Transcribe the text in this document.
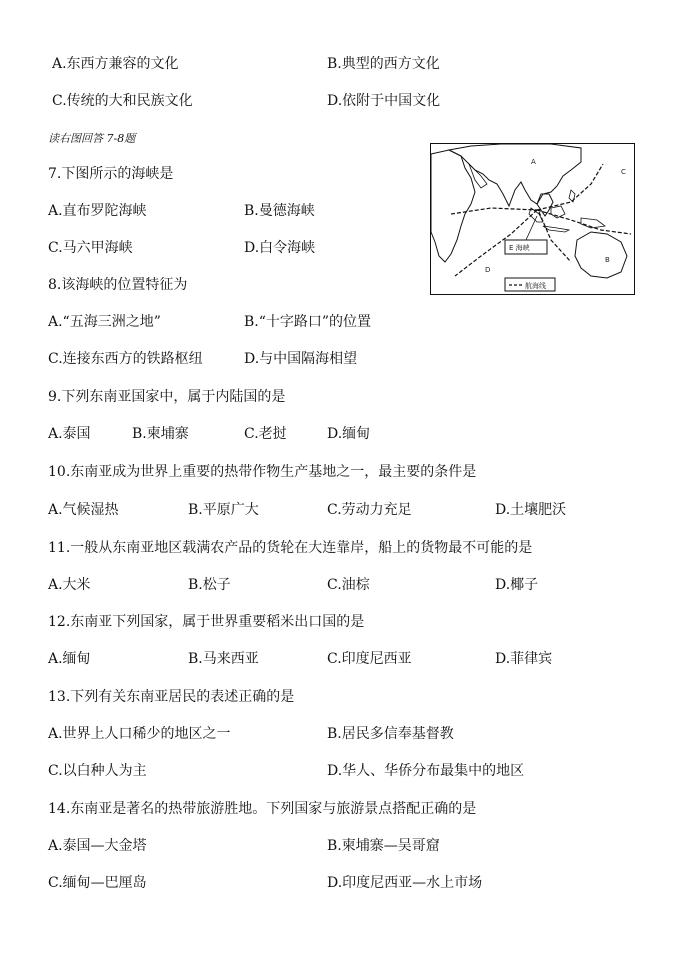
A.东西方兼容的文化	B.典型的西方文化
C.传统的大和民族文化	D.依附于中国文化
读右图回答 7-8题
7.下图所示的海峡是
A.直布罗陀海峡	B.曼德海峡
C.马六甲海峡	D.白令海峡
8.该海峡的位置特征为
A.“五海三洲之地”	B.“十字路口”的位置
C.连接东西方的铁路枢纽	D.与中国隔海相望
9.下列东南亚国家中，属于内陆国的是
A.泰国	B.柬埔寨	C.老挝	D.缅甸
10.东南亚成为世界上重要的热带作物生产基地之一，最主要的条件是
A.气候湿热	B.平原广大	C.劳动力充足	D.土壤肥沃
11.一般从东南亚地区载满农产品的货轮在大连靠岸，船上的货物最不可能的是
A.大米	B.松子	C.油棕	D.椰子
12.东南亚下列国家，属于世界重要稻米出口国的是
A.缅甸	B.马来西亚	C.印度尼西亚	D.菲律宾
13.下列有关东南亚居民的表述正确的是
A.世界上人口稀少的地区之一	B.居民多信奉基督教
C.以白种人为主	D.华人、华侨分布最集中的地区
14.东南亚是著名的热带旅游胜地。下列国家与旅游景点搭配正确的是
A.泰国—大金塔	B.柬埔寨—吴哥窟
C.缅甸—巴厘岛	D.印度尼西亚—水上市场
E 海峡
A
B
C
D
航海线
